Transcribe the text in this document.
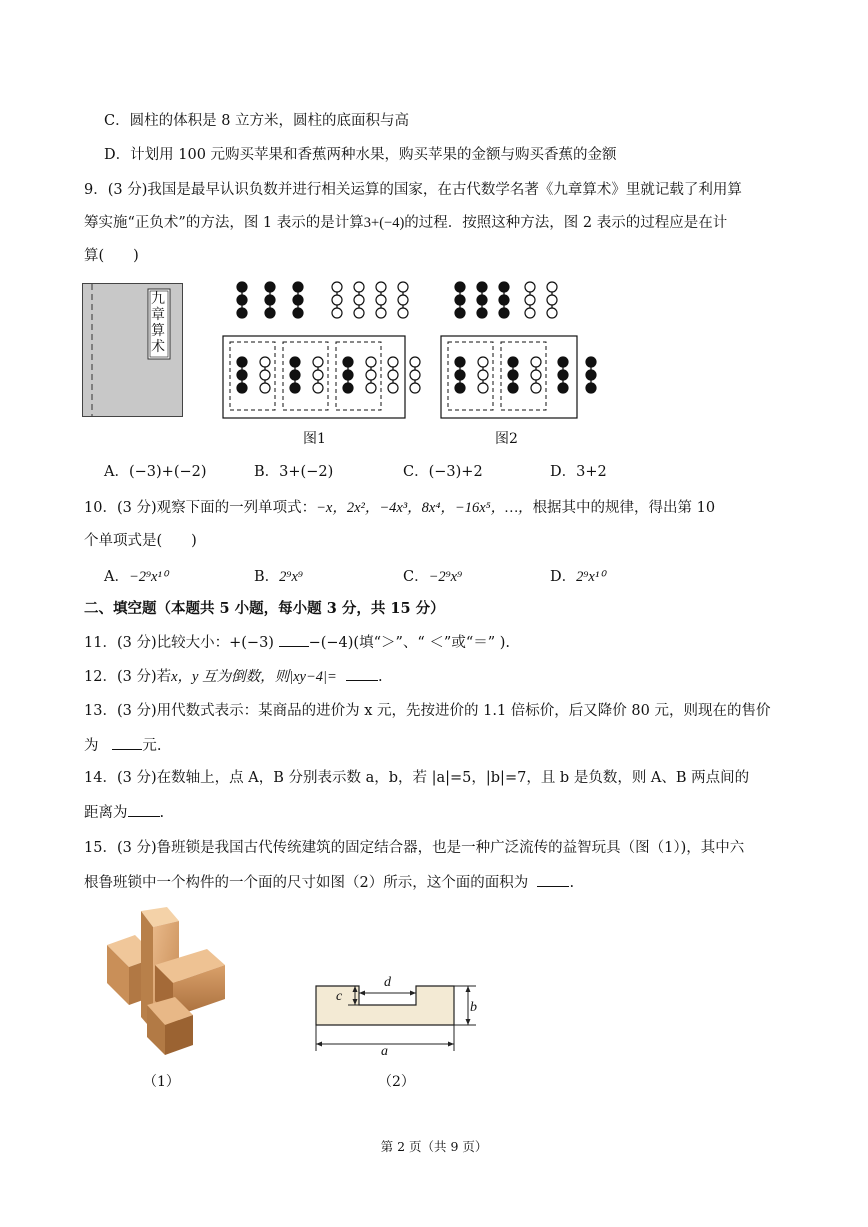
C．圆柱的体积是 8 立方米，圆柱的底面积与高
D．计划用 100 元购买苹果和香蕉两种水果，购买苹果的金额与购买香蕉的金额
9．(3 分)我国是最早认识负数并进行相关运算的国家，在古代数学名著《九章算术》里就记载了利用算
筹实施“正负术”的方法，图 1 表示的是计算3+(−4)的过程．按照这种方法，图 2 表示的过程应是在计
算(　　)
九章算术
图1	图2
A．(−3)+(−2)	B．3+(−2)	C．(−3)+2	D．3+2
10．(3 分)观察下面的一列单项式：−x，2x²，−4x³，8x⁴，−16x⁵，…，根据其中的规律，得出第 10
个单项式是(　　)
A．−2⁹x¹⁰	B．2⁹x⁹	C．−2⁹x⁹	D．2⁹x¹⁰
二、填空题（本题共 5 小题，每小题 3 分，共 15 分）
11．(3 分)比较大小：+(−3) −(−4)(填“＞”、“ ＜”或“＝” ).
12．(3 分)若x，y 互为倒数，则|xy−4|=	.
13．(3 分)用代数式表示：某商品的进价为 x 元，先按进价的 1.1 倍标价，后又降价 80 元，则现在的售价
为	元.
14．(3 分)在数轴上，点 A，B 分别表示数 a，b，若 |a|=5，|b|=7，且 b 是负数，则 A、B 两点间的
距离为 .
15．(3 分)鲁班锁是我国古代传统建筑的固定结合器，也是一种广泛流传的益智玩具（图（1）)，其中六
根鲁班锁中一个构件的一个面的尺寸如图（2）所示，这个面的面积为	.
（1）
d
c
b
a
（2）
第 2 页（共 9 页）
